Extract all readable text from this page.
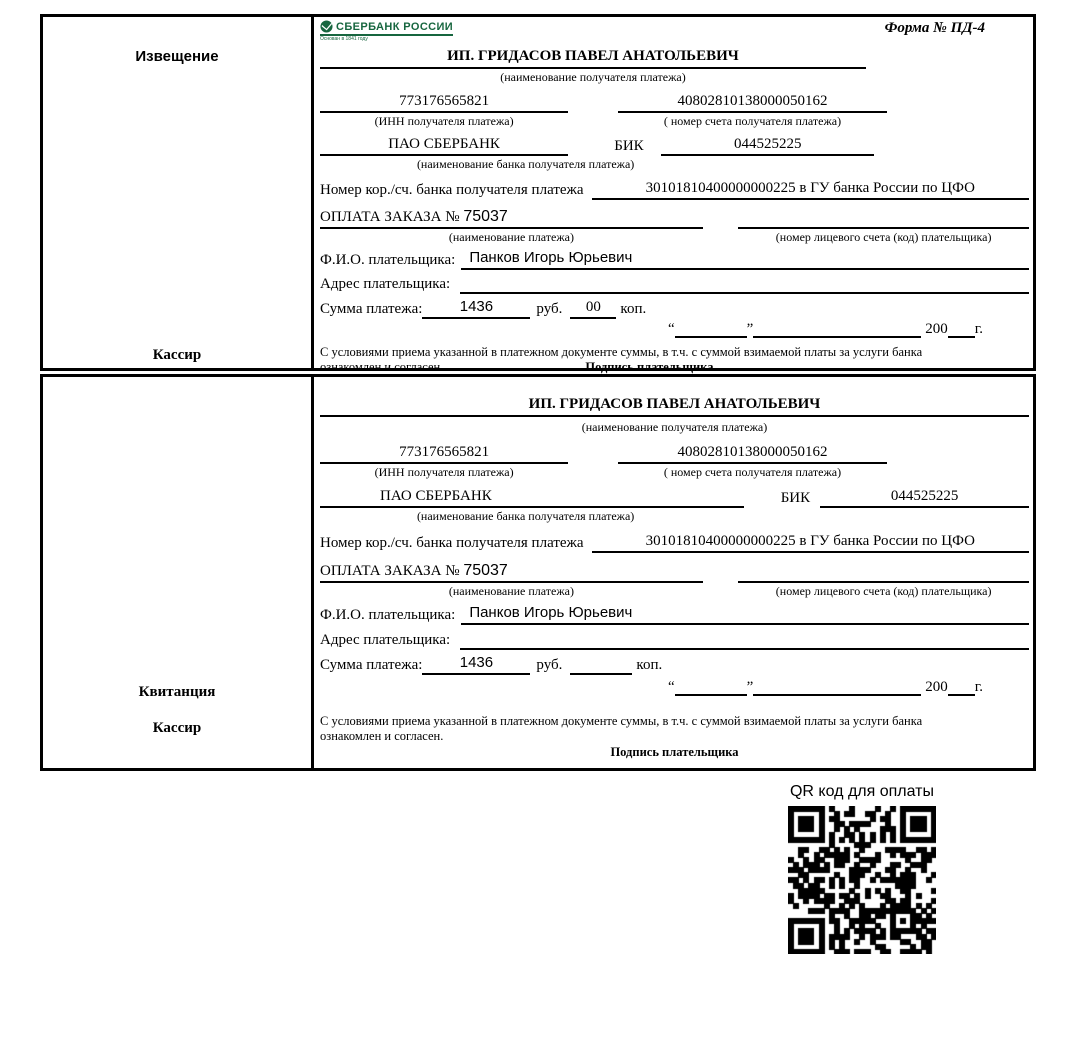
Извещение
Кассир
СБЕРБАНК РОССИИ
Основан в 1841 году
Форма № ПД-4
ИП. ГРИДАСОВ ПАВЕЛ АНАТОЛЬЕВИЧ
(наименование получателя платежа)
773176565821	40802810138000050162
(ИНН получателя платежа)	( номер счета получателя платежа)
ПАО СБЕРБАНК	БИК	044525225
(наименование банка получателя платежа)
Номер кор./сч. банка получателя платежа	30101810400000000225 в ГУ банка России по ЦФО
ОПЛАТА ЗАКАЗА № 75037
(наименование платежа)	(номер лицевого счета (код) плательщика)
Ф.И.О. плательщика: Панков Игорь Юрьевич
Адрес плательщика:
Сумма платежа:	1436	руб.	00	коп.
“	”	200 г.
С условиями приема указанной в платежном документе суммы, в т.ч. с суммой взимаемой платы за услуги банка
ознакомлен и согласен.	Подпись плательщика
Квитанция
Кассир
ИП. ГРИДАСОВ ПАВЕЛ АНАТОЛЬЕВИЧ
(наименование получателя платежа)
773176565821	40802810138000050162
(ИНН получателя платежа)	( номер счета получателя платежа)
ПАО СБЕРБАНК	БИК	044525225
(наименование банка получателя платежа)
Номер кор./сч. банка получателя платежа	30101810400000000225 в ГУ банка России по ЦФО
ОПЛАТА ЗАКАЗА № 75037
(наименование платежа)	(номер лицевого счета (код) плательщика)
Ф.И.О. плательщика: Панков Игорь Юрьевич
Адрес плательщика:
Сумма платежа:	1436	руб.	коп.
“	”	200 г.
С условиями приема указанной в платежном документе суммы, в т.ч. с суммой взимаемой платы за услуги банка
ознакомлен и согласен.
Подпись плательщика
QR код для оплаты
